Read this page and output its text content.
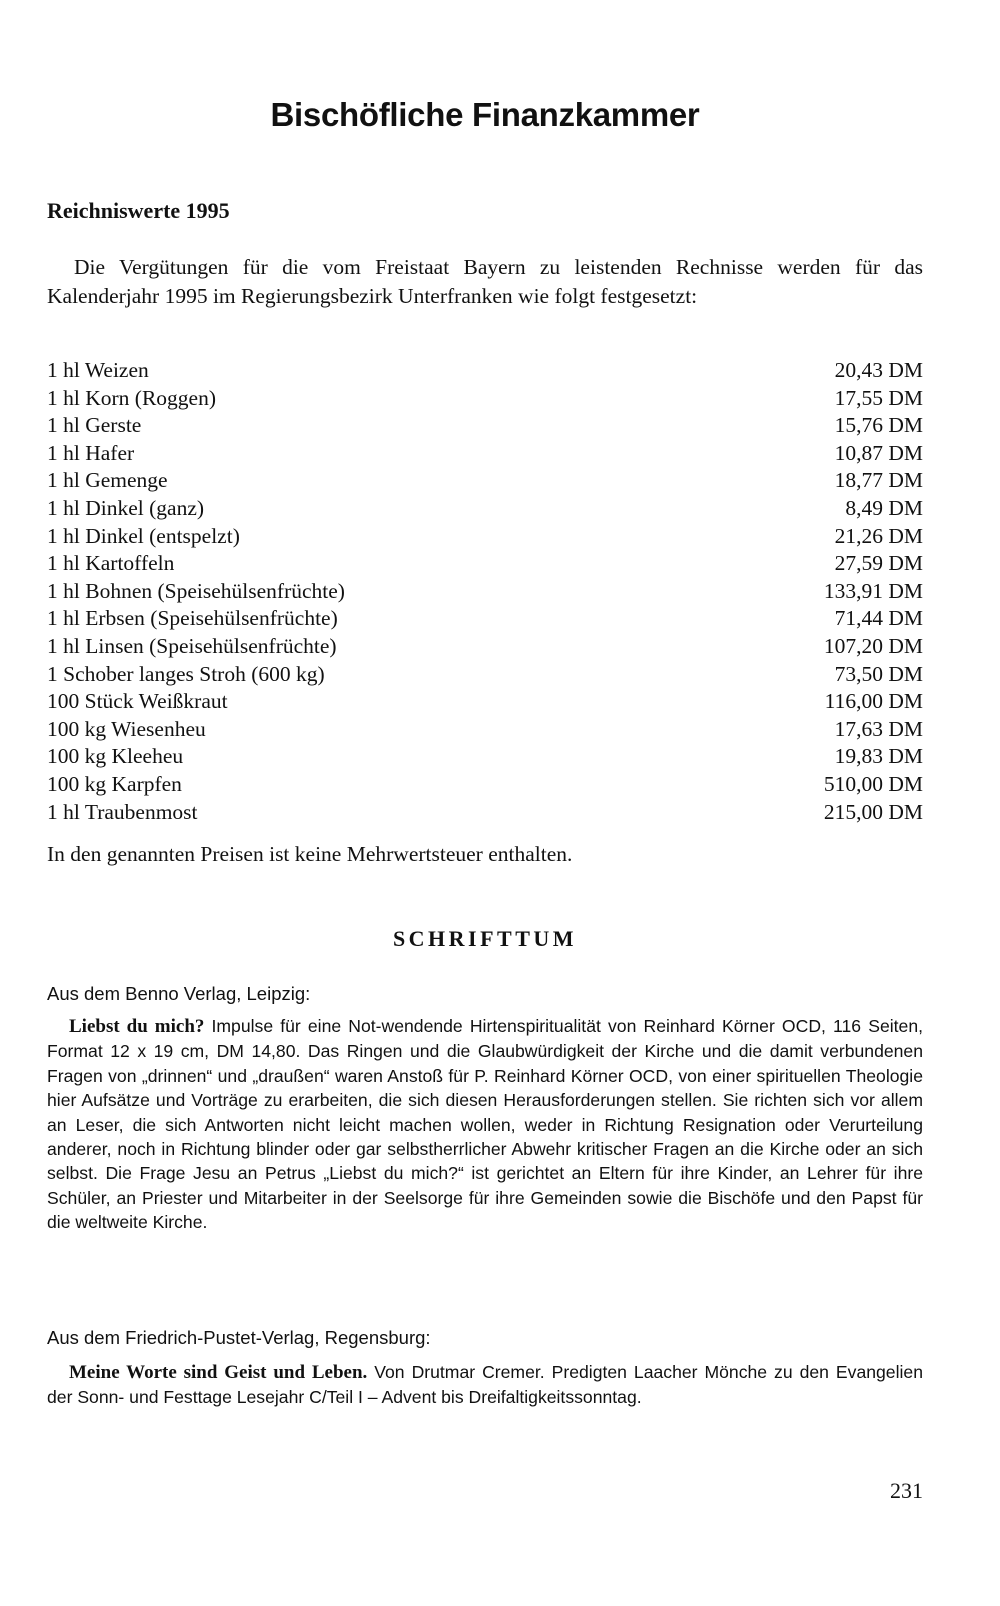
Bischöfliche Finanzkammer
Reichniswerte 1995

Die Vergütungen für die vom Freistaat Bayern zu leistenden Rechnisse werden für das Kalenderjahr 1995 im Regierungsbezirk Unterfranken wie folgt festgesetzt:

1 hl Weizen	20,43 DM
1 hl Korn (Roggen)	17,55 DM
1 hl Gerste	15,76 DM
1 hl Hafer	10,87 DM
1 hl Gemenge	18,77 DM
1 hl Dinkel (ganz)	8,49 DM
1 hl Dinkel (entspelzt)	21,26 DM
1 hl Kartoffeln	27,59 DM
1 hl Bohnen (Speisehülsenfrüchte)	133,91 DM
1 hl Erbsen (Speisehülsenfrüchte)	71,44 DM
1 hl Linsen (Speisehülsenfrüchte)	107,20 DM
1 Schober langes Stroh (600 kg)	73,50 DM
100 Stück Weißkraut	116,00 DM
100 kg Wiesenheu	17,63 DM
100 kg Kleeheu	19,83 DM
100 kg Karpfen	510,00 DM
1 hl Traubenmost	215,00 DM
In den genannten Preisen ist keine Mehrwertsteuer enthalten.
SCHRIFTTUM
Aus dem Benno Verlag, Leipzig:

Liebst du mich? Impulse für eine Not-wendende Hirtenspiritualität von Reinhard Körner OCD, 116 Seiten, Format 12 x 19 cm, DM 14,80. Das Ringen und die Glaubwürdigkeit der Kirche und die damit verbundenen Fragen von „drinnen“ und „draußen“ waren Anstoß für P. Reinhard Körner OCD, von einer spirituellen Theologie hier Aufsätze und Vorträge zu erarbeiten, die sich diesen Herausforderungen stellen. Sie richten sich vor allem an Leser, die sich Antworten nicht leicht machen wollen, weder in Richtung Resignation oder Verurteilung anderer, noch in Richtung blinder oder gar selbstherrlicher Abwehr kritischer Fragen an die Kirche oder an sich selbst. Die Frage Jesu an Petrus „Liebst du mich?“ ist gerichtet an Eltern für ihre Kinder, an Lehrer für ihre Schüler, an Priester und Mitarbeiter in der Seelsorge für ihre Gemeinden sowie die Bischöfe und den Papst für die weltweite Kirche.

Aus dem Friedrich-Pustet-Verlag, Regensburg:

Meine Worte sind Geist und Leben. Von Drutmar Cremer. Predigten Laacher Mönche zu den Evangelien der Sonn- und Festtage Lesejahr C/Teil I – Advent bis Dreifaltigkeitssonntag.

231
